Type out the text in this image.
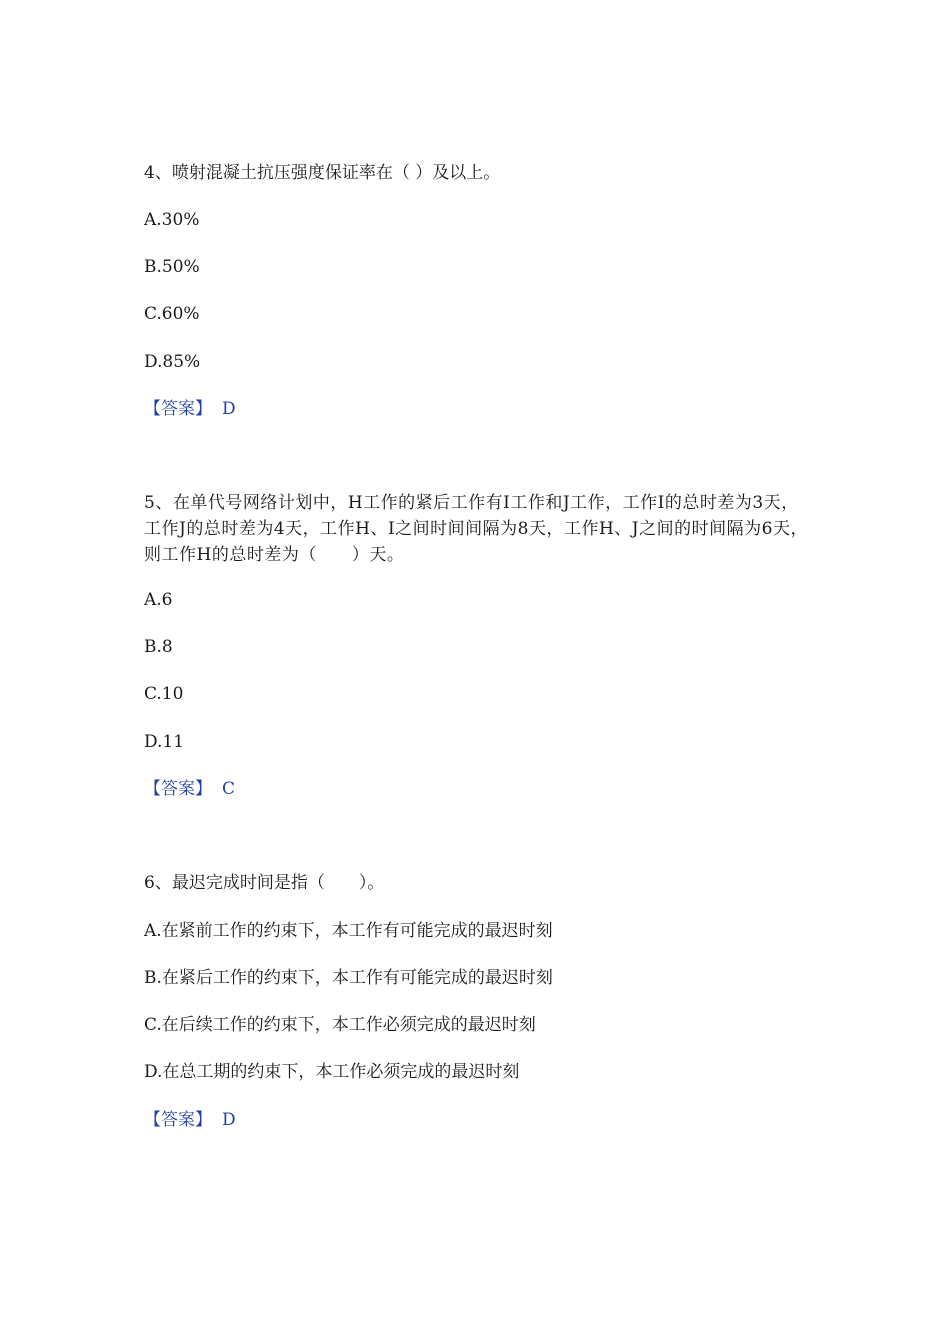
4、喷射混凝土抗压强度保证率在（ ）及以上。
A.30%
B.50%
C.60%
D.85%
【答案】 D
5、在单代号网络计划中，H工作的紧后工作有I工作和J工作，工作I的总时差为3天，工作J的总时差为4天，工作H、I之间时间间隔为8天，工作H、J之间的时间隔为6天，则工作H的总时差为（　　）天。
A.6
B.8
C.10
D.11
【答案】 C
6、最迟完成时间是指（　　）。
A.在紧前工作的约束下，本工作有可能完成的最迟时刻
B.在紧后工作的约束下，本工作有可能完成的最迟时刻
C.在后续工作的约束下，本工作必须完成的最迟时刻
D.在总工期的约束下，本工作必须完成的最迟时刻
【答案】 D
